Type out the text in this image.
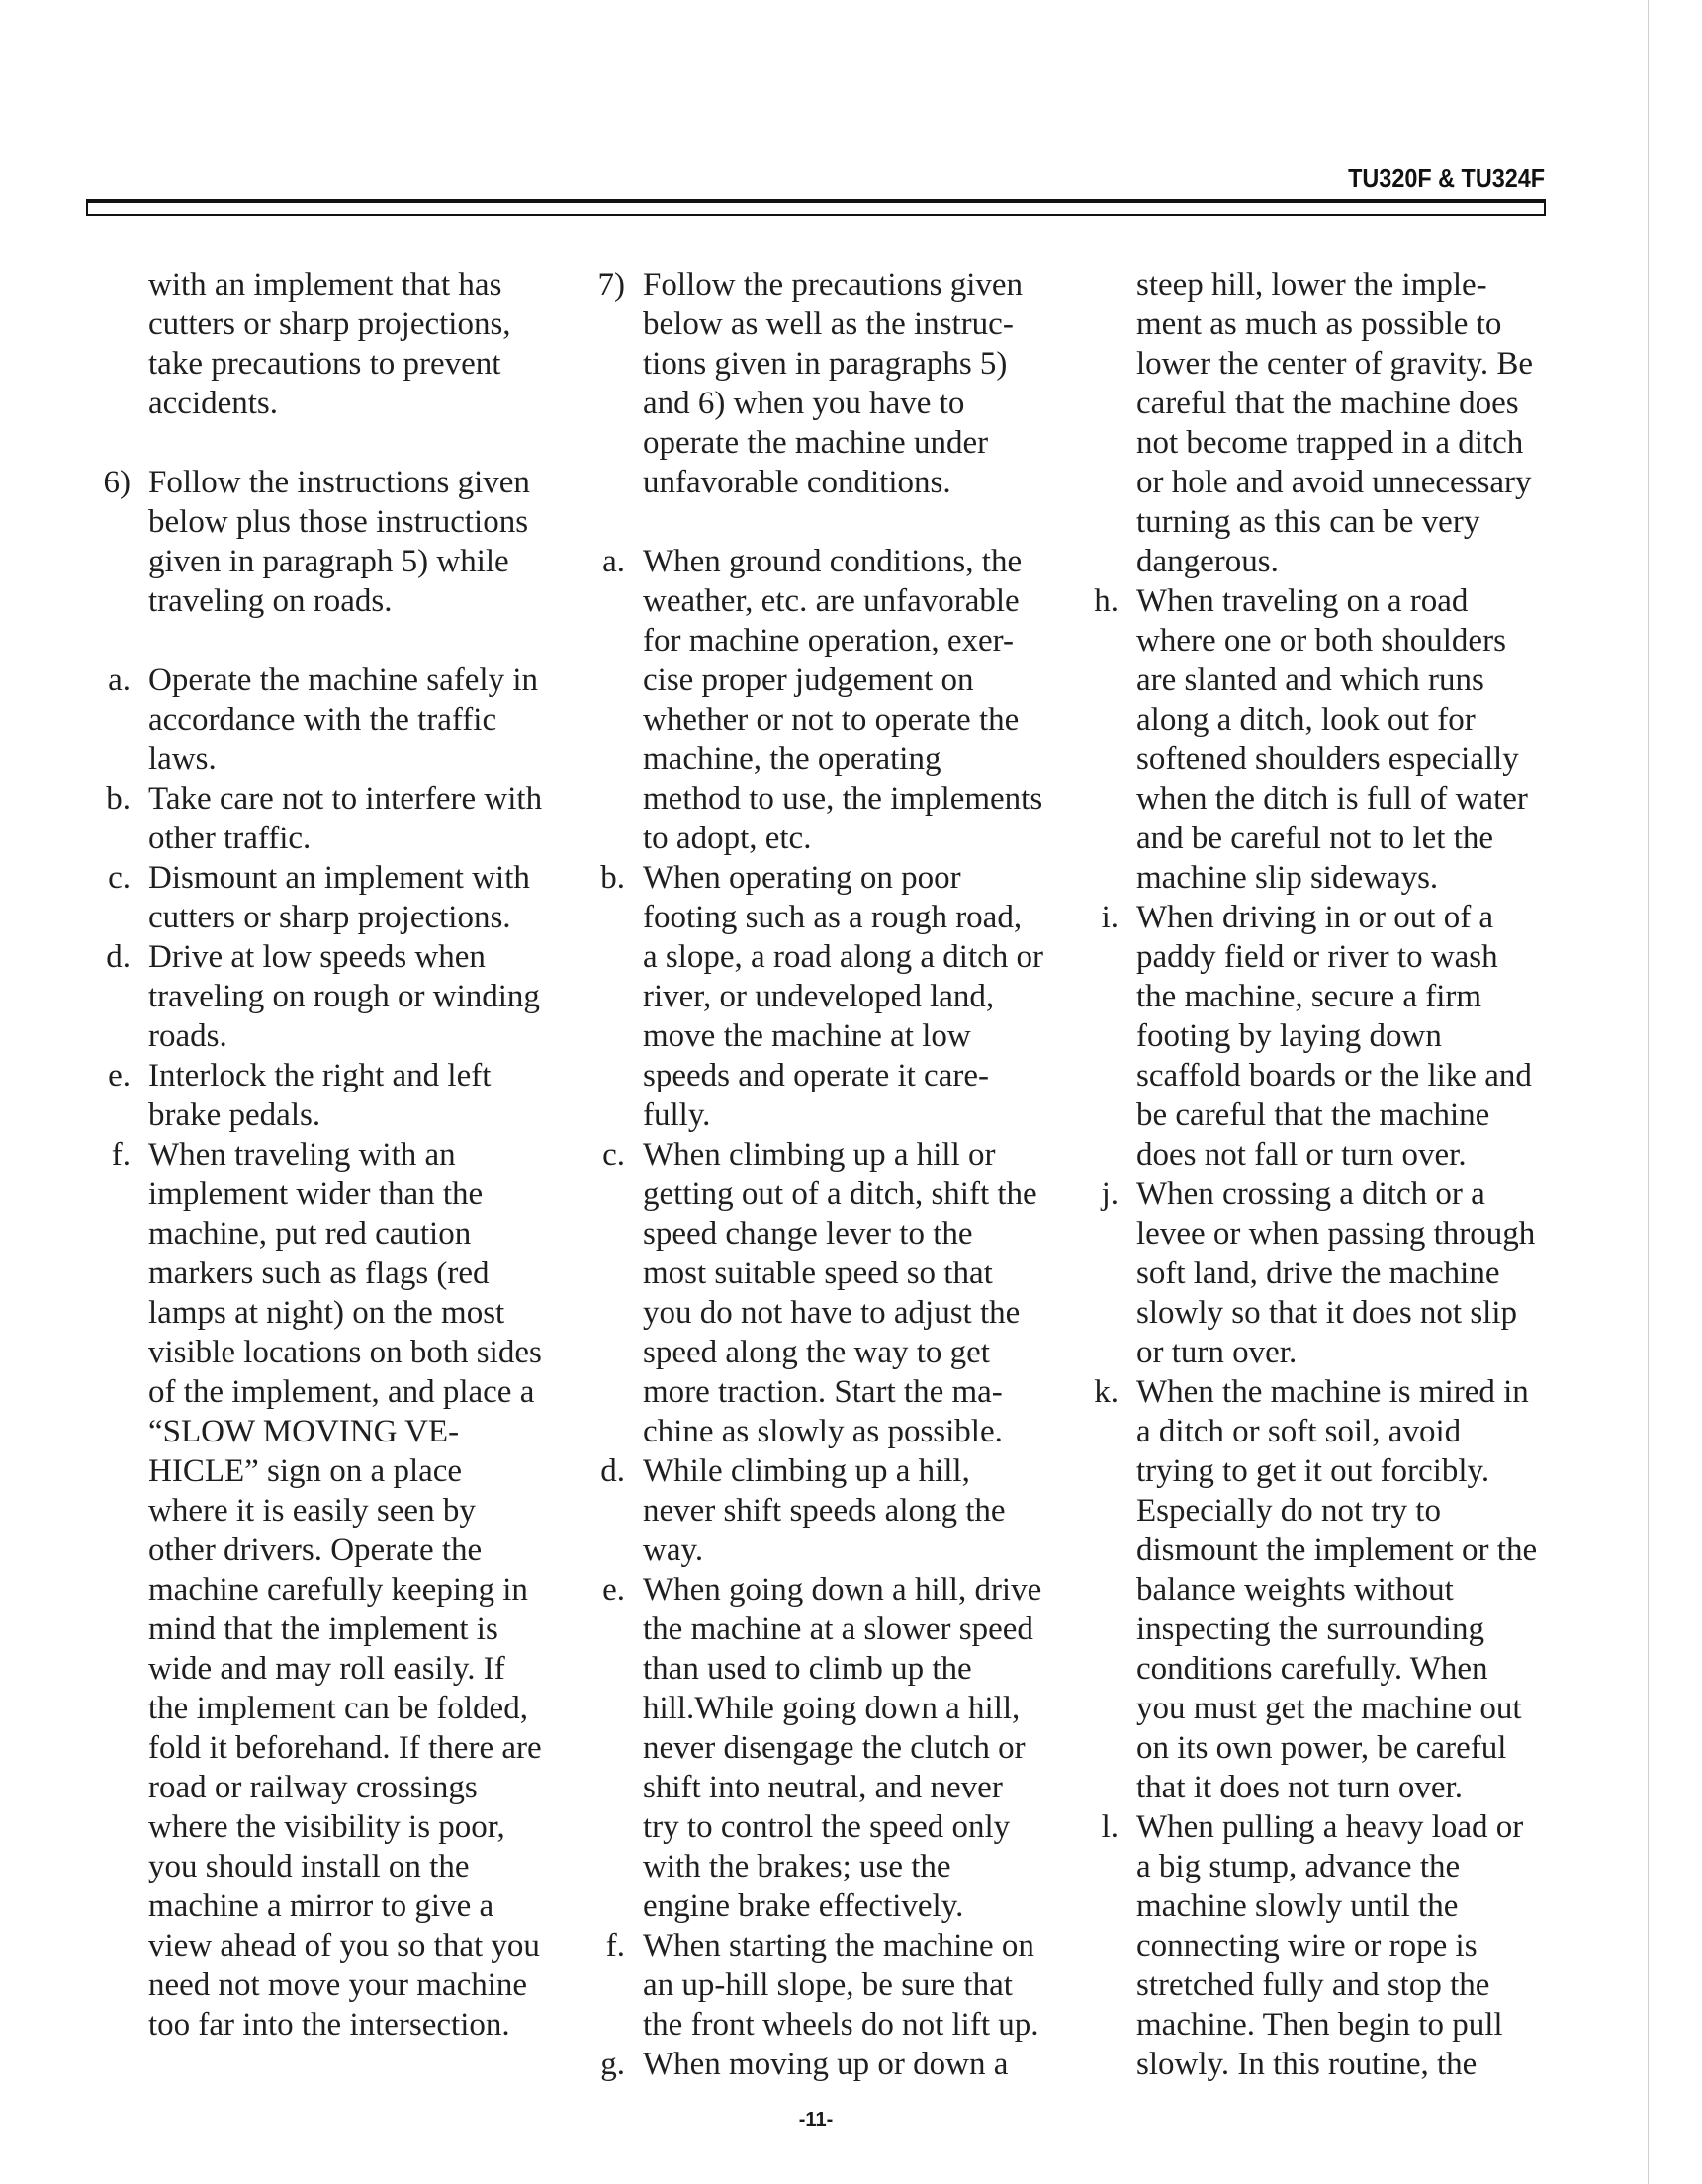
TU320F & TU324F
with an implement that has
cutters or sharp projections,
take precautions to prevent
accidents.
6) Follow the instructions given
below plus those instructions
given in paragraph 5) while
traveling on roads.
a. Operate the machine safely in
accordance with the traffic
laws.
b. Take care not to interfere with
other traffic.
c. Dismount an implement with
cutters or sharp projections.
d. Drive at low speeds when
traveling on rough or winding
roads.
e. Interlock the right and left
brake pedals.
f. When traveling with an
implement wider than the
machine, put red caution
markers such as flags (red
lamps at night) on the most
visible locations on both sides
of the implement, and place a
“SLOW MOVING VE-
HICLE” sign on a place
where it is easily seen by
other drivers. Operate the
machine carefully keeping in
mind that the implement is
wide and may roll easily. If
the implement can be folded,
fold it beforehand. If there are
road or railway crossings
where the visibility is poor,
you should install on the
machine a mirror to give a
view ahead of you so that you
need not move your machine
too far into the intersection.
7) Follow the precautions given
below as well as the instruc-
tions given in paragraphs 5)
and 6) when you have to
operate the machine under
unfavorable conditions.
a. When ground conditions, the
weather, etc. are unfavorable
for machine operation, exer-
cise proper judgement on
whether or not to operate the
machine, the operating
method to use, the implements
to adopt, etc.
b. When operating on poor
footing such as a rough road,
a slope, a road along a ditch or
river, or undeveloped land,
move the machine at low
speeds and operate it care-
fully.
c. When climbing up a hill or
getting out of a ditch, shift the
speed change lever to the
most suitable speed so that
you do not have to adjust the
speed along the way to get
more traction. Start the ma-
chine as slowly as possible.
d. While climbing up a hill,
never shift speeds along the
way.
e. When going down a hill, drive
the machine at a slower speed
than used to climb up the
hill.While going down a hill,
never disengage the clutch or
shift into neutral, and never
try to control the speed only
with the brakes; use the
engine brake effectively.
f. When starting the machine on
an up-hill slope, be sure that
the front wheels do not lift up.
g. When moving up or down a
steep hill, lower the imple-
ment as much as possible to
lower the center of gravity. Be
careful that the machine does
not become trapped in a ditch
or hole and avoid unnecessary
turning as this can be very
dangerous.
h. When traveling on a road
where one or both shoulders
are slanted and which runs
along a ditch, look out for
softened shoulders especially
when the ditch is full of water
and be careful not to let the
machine slip sideways.
i. When driving in or out of a
paddy field or river to wash
the machine, secure a firm
footing by laying down
scaffold boards or the like and
be careful that the machine
does not fall or turn over.
j. When crossing a ditch or a
levee or when passing through
soft land, drive the machine
slowly so that it does not slip
or turn over.
k. When the machine is mired in
a ditch or soft soil, avoid
trying to get it out forcibly.
Especially do not try to
dismount the implement or the
balance weights without
inspecting the surrounding
conditions carefully. When
you must get the machine out
on its own power, be careful
that it does not turn over.
l. When pulling a heavy load or
a big stump, advance the
machine slowly until the
connecting wire or rope is
stretched fully and stop the
machine. Then begin to pull
slowly. In this routine, the
-11-
